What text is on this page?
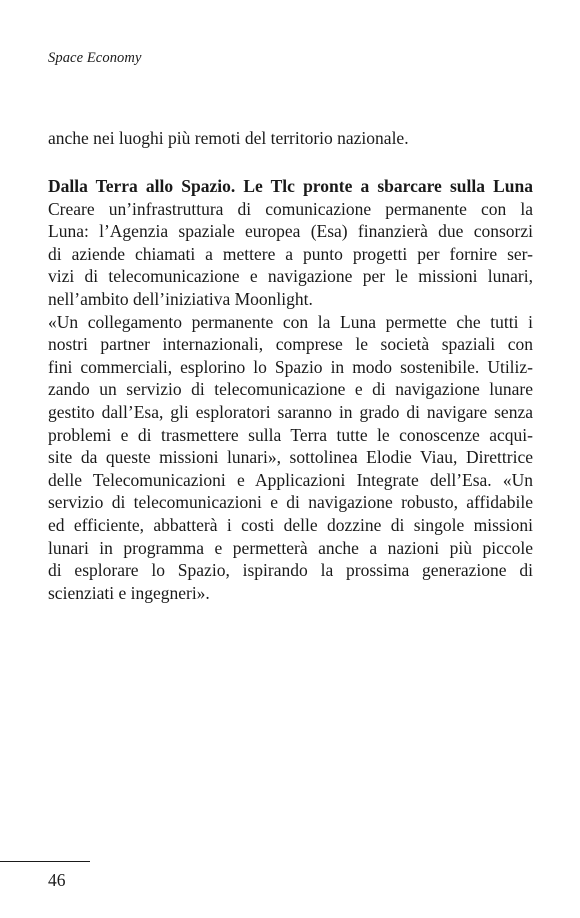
Space Economy
anche nei luoghi più remoti del territorio nazionale.
Dalla Terra allo Spazio. Le Tlc pronte a sbarcare sulla Luna
Creare un’infrastruttura di comunicazione permanente con la
Luna: l’Agenzia spaziale europea (Esa) finanzierà due consorzi
di aziende chiamati a mettere a punto progetti per fornire ser-
vizi di telecomunicazione e navigazione per le missioni lunari,
nell’ambito dell’iniziativa Moonlight.
«Un collegamento permanente con la Luna permette che tutti i
nostri partner internazionali, comprese le società spaziali con
fini commerciali, esplorino lo Spazio in modo sostenibile. Utiliz-
zando un servizio di telecomunicazione e di navigazione lunare
gestito dall’Esa, gli esploratori saranno in grado di navigare senza
problemi e di trasmettere sulla Terra tutte le conoscenze acqui-
site da queste missioni lunari», sottolinea Elodie Viau, Direttrice
delle Telecomunicazioni e Applicazioni Integrate dell’Esa. «Un
servizio di telecomunicazioni e di navigazione robusto, affidabile
ed efficiente, abbatterà i costi delle dozzine di singole missioni
lunari in programma e permetterà anche a nazioni più piccole
di esplorare lo Spazio, ispirando la prossima generazione di
scienziati e ingegneri».
46
